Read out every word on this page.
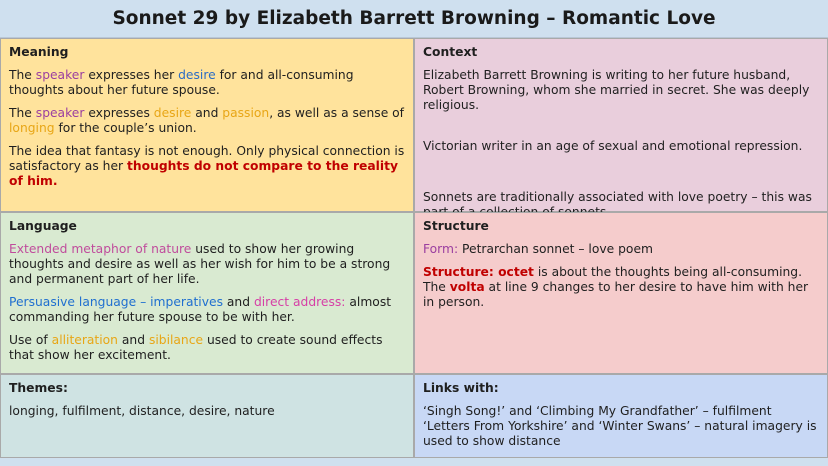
Sonnet 29 by Elizabeth Barrett Browning – Romantic Love

Meaning

The speaker expresses her desire for and all-consuming thoughts about her future spouse.

The speaker expresses desire and passion, as well as a sense of longing for the couple’s union.

The idea that fantasy is not enough. Only physical connection is satisfactory as her thoughts do not compare to the reality of him.

Context

Elizabeth Barrett Browning is writing to her future husband, Robert Browning, whom she married in secret. She was deeply religious.

Victorian writer in an age of sexual and emotional repression.

Sonnets are traditionally associated with love poetry – this was

Language

Extended metaphor of nature used to show her growing thoughts and desire as well as her wish for him to be a strong and permanent part of her life.

Persuasive language – imperatives and direct address: almost commanding her future spouse to be with her.

Use of alliteration and sibilance used to create sound effects that show her excitement.

Structure

Form: Petrarchan sonnet – love poem

Structure: octet is about the thoughts being all-consuming. The volta at line 9 changes to her desire to have him with her in person.

Themes:

longing, fulfilment, distance, desire, nature

Links with:

‘Singh Song!’ and ‘Climbing My Grandfather’ – fulfilment

‘Letters From Yorkshire’ and ‘Winter Swans’ – natural imagery is used to show distance
